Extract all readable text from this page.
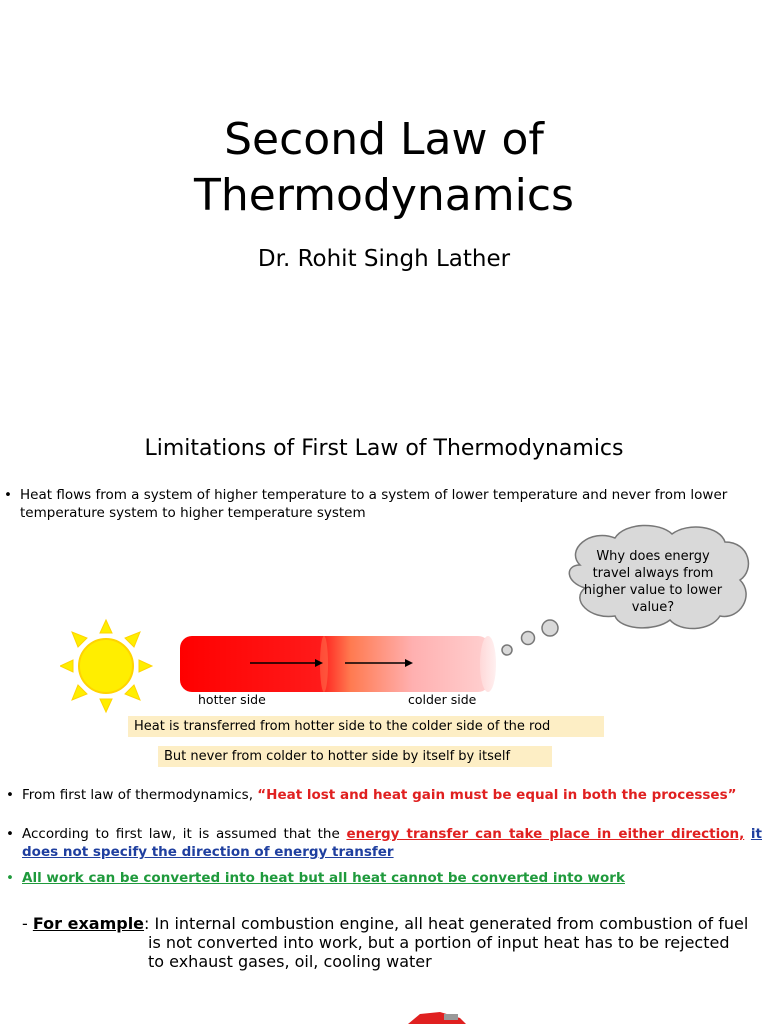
Second Law of
Thermodynamics
Dr. Rohit Singh Lather
Limitations of First Law of Thermodynamics
• Heat flows from a system of higher temperature to a system of lower temperature and never from lower temperature system to higher temperature system
Why does energy travel always from higher value to lower value?
hotter side	colder side
Heat is transferred from hotter side to the colder side of the rod
But never from colder to hotter side by itself by itself
• From first law of thermodynamics, “Heat lost and heat gain must be equal in both the processes”
• According to first law, it is assumed that the energy transfer can take place in either direction, it does not specify the direction of energy transfer
• All work can be converted into heat but all heat cannot be converted into work
- For example: In internal combustion engine, all heat generated from combustion of fuel
is not converted into work, but a portion of input heat has to be rejected
to exhaust gases, oil, cooling water
